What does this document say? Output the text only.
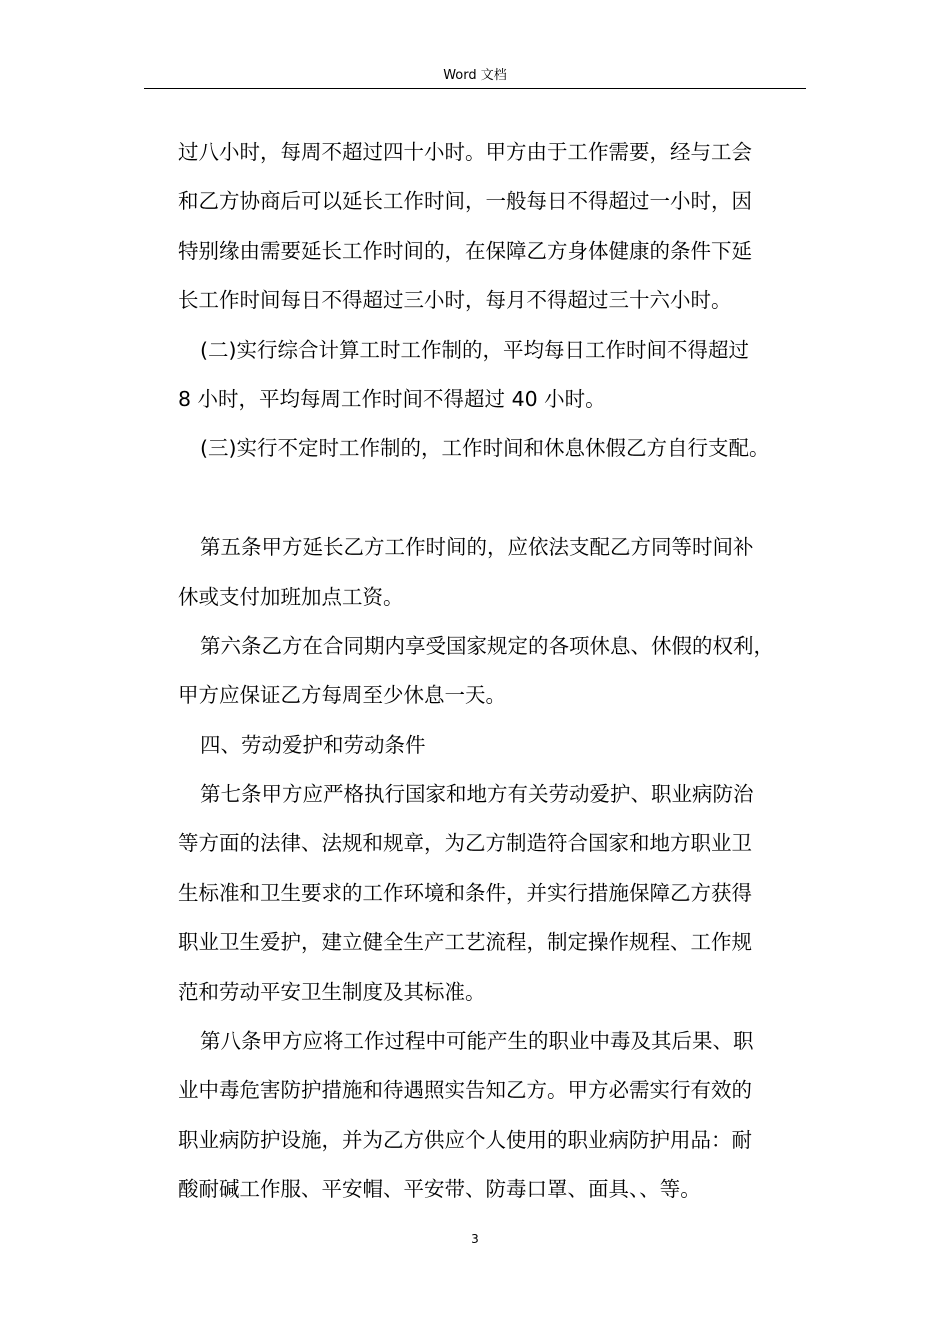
Word 文档
过八小时，每周不超过四十小时。甲方由于工作需要，经与工会
和乙方协商后可以延长工作时间，一般每日不得超过一小时，因
特别缘由需要延长工作时间的，在保障乙方身体健康的条件下延
长工作时间每日不得超过三小时，每月不得超过三十六小时。
(二)实行综合计算工时工作制的，平均每日工作时间不得超过
8 小时，平均每周工作时间不得超过 40 小时。
(三)实行不定时工作制的，工作时间和休息休假乙方自行支配。
第五条甲方延长乙方工作时间的，应依法支配乙方同等时间补
休或支付加班加点工资。
第六条乙方在合同期内享受国家规定的各项休息、休假的权利，
甲方应保证乙方每周至少休息一天。
四、劳动爱护和劳动条件
第七条甲方应严格执行国家和地方有关劳动爱护、职业病防治
等方面的法律、法规和规章，为乙方制造符合国家和地方职业卫
生标准和卫生要求的工作环境和条件，并实行措施保障乙方获得
职业卫生爱护，建立健全生产工艺流程，制定操作规程、工作规
范和劳动平安卫生制度及其标准。
第八条甲方应将工作过程中可能产生的职业中毒及其后果、职
业中毒危害防护措施和待遇照实告知乙方。甲方必需实行有效的
职业病防护设施，并为乙方供应个人使用的职业病防护用品：耐
酸耐碱工作服、平安帽、平安带、防毒口罩、面具、、等。
3
